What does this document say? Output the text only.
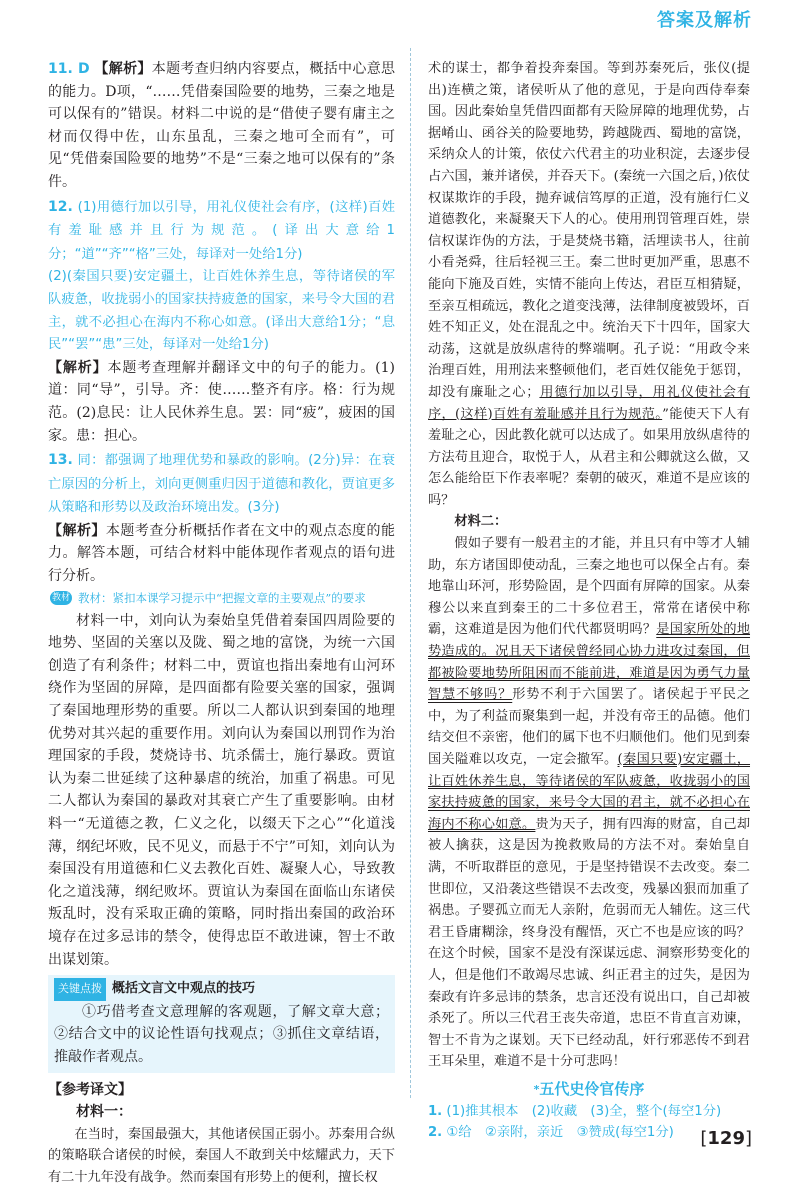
答案及解析

11. D 【解析】本题考查归纳内容要点，概括中心意思的能力。D项，“……凭借秦国险要的地势，三秦之地是可以保有的”错误。材料二中说的是“借使子婴有庸主之材而仅得中佐，山东虽乱，三秦之地可全而有”，可见“凭借秦国险要的地势”不是“三秦之地可以保有的”条件。

12. (1)用德行加以引导，用礼仪使社会有序，(这样)百姓有羞耻感并且行为规范。(译出大意给1分；“道”“齐”“格”三处，每译对一处给1分)

(2)(秦国只要)安定疆土，让百姓休养生息，等待诸侯的军队疲惫，收拢弱小的国家扶持疲惫的国家，来号令大国的君主，就不必担心在海内不称心如意。(译出大意给1分；“息民”“罢”“患”三处，每译对一处给1分)

【解析】本题考查理解并翻译文中的句子的能力。(1)道：同“导”，引导。齐：使……整齐有序。格：行为规范。(2)息民：让人民休养生息。罢：同“疲”，疲困的国家。患：担心。

13. 同：都强调了地理优势和暴政的影响。(2分)异：在衰亡原因的分析上，刘向更侧重归因于道德和教化，贾谊更多从策略和形势以及政治环境出发。(3分)

【解析】本题考查分析概括作者在文中的观点态度的能力。解答本题，可结合材料中能体现作者观点的语句进行分析。

教材 教材：紧扣本课学习提示中“把握文章的主要观点”的要求

材料一中，刘向认为秦始皇凭借着秦国四周险要的地势、坚固的关塞以及陇、蜀之地的富饶，为统一六国创造了有利条件；材料二中，贾谊也指出秦地有山河环绕作为坚固的屏障，是四面都有险要关塞的国家，强调了秦国地理形势的重要。所以二人都认识到秦国的地理优势对其兴起的重要作用。刘向认为秦国以刑罚作为治理国家的手段，焚烧诗书、坑杀儒士，施行暴政。贾谊认为秦二世延续了这种暴虐的统治，加重了祸患。可见二人都认为秦国的暴政对其衰亡产生了重要影响。由材料一“无道德之教，仁义之化，以缀天下之心”“化道浅薄，纲纪坏败，民不见义，而悬于不宁”可知，刘向认为秦国没有用道德和仁义去教化百姓、凝聚人心，导致教化之道浅薄，纲纪败坏。贾谊认为秦国在面临山东诸侯叛乱时，没有采取正确的策略，同时指出秦国的政治环境存在过多忌讳的禁令，使得忠臣不敢进谏，智士不敢出谋划策。

关键点拨 概括文言文中观点的技巧

①巧借考查文意理解的客观题，了解文章大意；②结合文中的议论性语句找观点；③抓住文章结语，推敲作者观点。

【参考译文】

材料一：

在当时，秦国最强大，其他诸侯国正弱小。苏秦用合纵的策略联合诸侯的时候，秦国人不敢到关中炫耀武力，天下有二十九年没有战争。然而秦国有形势上的便利，擅长权

术的谋士，都争着投奔秦国。等到苏秦死后，张仪(提出)连横之策，诸侯听从了他的意见，于是向西侍奉秦国。因此秦始皇凭借四面都有天险屏障的地理优势，占据崤山、函谷关的险要地势，跨越陇西、蜀地的富饶，采纳众人的计策，依仗六代君主的功业积淀，去逐步侵占六国，兼并诸侯，并吞天下。(秦统一六国之后，)依仗权谋欺诈的手段，抛弃诚信笃厚的正道，没有施行仁义道德教化，来凝聚天下人的心。使用刑罚管理百姓，崇信权谋诈伪的方法，于是焚烧书籍，活埋读书人，往前小看尧舜，往后轻视三王。秦二世时更加严重，思惠不能向下施及百姓，实情不能向上传达，君臣互相猜疑，至亲互相疏远，教化之道变浅薄，法律制度被毁坏，百姓不知正义，处在混乱之中。统治天下十四年，国家大动荡，这就是放纵虐待的弊端啊。孔子说：“用政令来治理百姓，用刑法来整顿他们，老百姓仅能免于惩罚，却没有廉耻之心；用德行加以引导，用礼仪使社会有序，(这样)百姓有羞耻感并且行为规范。”能使天下人有羞耻之心，因此教化就可以达成了。如果用放纵虐待的方法苟且迎合，取悦于人，从君主和公卿就这么做，又怎么能给臣下作表率呢？秦朝的破灭，难道不是应该的吗？

材料二：

假如子婴有一般君主的才能，并且只有中等才人辅助，东方诸国即使动乱，三秦之地也可以保全占有。秦地靠山环河，形势险固，是个四面有屏障的国家。从秦穆公以来直到秦王的二十多位君王，常常在诸侯中称霸，这难道是因为他们代代都贤明吗？是国家所处的地势造成的。况且天下诸侯曾经同心协力进攻过秦国，但都被险要地势所阻困而不能前进，难道是因为勇气力量智慧不够吗？形势不利于六国罢了。诸侯起于平民之中，为了利益而聚集到一起，并没有帝王的品德。他们结交但不亲密，他们的属下也不归顺他们。他们见到秦国关隘难以攻克，一定会撤军。(秦国只要)安定疆土，让百姓休养生息，等待诸侯的军队疲惫，收拢弱小的国家扶持疲惫的国家，来号令大国的君主，就不必担心在海内不称心如意。贵为天子，拥有四海的财富，自己却被人擒获，这是因为挽救败局的方法不对。秦始皇自满，不听取群臣的意见，于是坚持错误不去改变。秦二世即位，又沿袭这些错误不去改变，残暴凶狠而加重了祸患。子婴孤立而无人亲附，危弱而无人辅佐。这三代君王昏庸糊涂，终身没有醒悟，灭亡不也是应该的吗？在这个时候，国家不是没有深谋远虑、洞察形势变化的人，但是他们不敢竭尽忠诚、纠正君主的过失，是因为秦政有许多忌讳的禁条，忠言还没有说出口，自己却被杀死了。所以三代君王丧失帝道，忠臣不肯直言劝谏，智士不肯为之谋划。天下已经动乱，奸行邪恶传不到君王耳朵里，难道不是十分可悲吗！

*五代史伶官传序

1. (1)推其根本　(2)收藏　(3)全，整个(每空1分)

2. ①给　②亲附，亲近　③赞成(每空1分)

[	129 ]
